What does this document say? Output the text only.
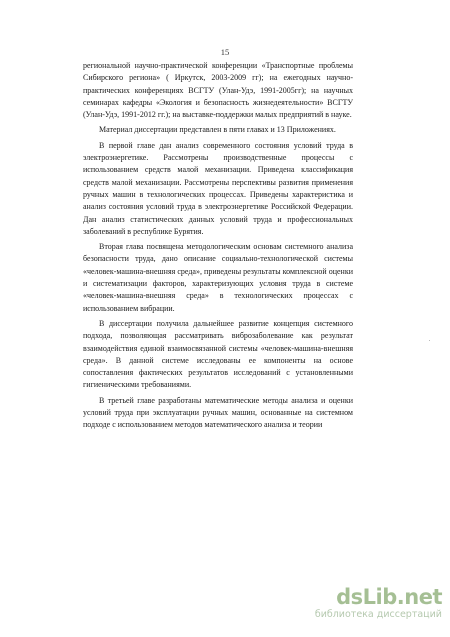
15

региональной научно-практической конференции «Транспортные проблемы Сибирского региона» ( Иркутск, 2003-2009 гг); на ежегодных научно-практических конференциях ВСГТУ (Улан-Удэ, 1991-2005гг); на научных семинарах кафедры «Экология и безопасность жизнедеятельности» ВСГТУ (Улан-Удэ, 1991-2012 гг.); на выставке-поддержки малых предприятий в науке.

Материал диссертации представлен в пяти главах и 13 Приложениях.

В первой главе дан анализ современного состояния условий труда в электроэнергетике. Рассмотрены производственные процессы с использованием средств малой механизации. Приведена классификация средств малой механизации. Рассмотрены перспективы развития применения ручных машин в технологических процессах. Приведены характеристика и анализ состояния условий труда в электроэнергетике Российской Федерации. Дан анализ статистических данных условий труда и профессиональных заболеваний в республике Бурятия.

Вторая глава посвящена методологическим основам системного анализа безопасности труда, дано описание социально-технологической системы «человек-машина-внешняя среда», приведены результаты комплексной оценки и систематизации факторов, характеризующих условия труда в системе «человек-машина-внешняя среда» в технологических процессах с использованием вибрации.

В диссертации получила дальнейшее развитие концепция системного подхода, позволяющая рассматривать виброзаболевание как результат взаимодействия единой взаимосвязанной системы «человек-машина-внешняя среда». В данной системе исследованы ее компоненты на основе сопоставления фактических результатов исследований с установленными гигиеническими требованиями.

В третьей главе разработаны математические методы анализа и оценки условий труда при эксплуатации ручных машин, основанные на системном подходе с использованием методов математического анализа и теории

dsLib.net
библиотека диссертаций
